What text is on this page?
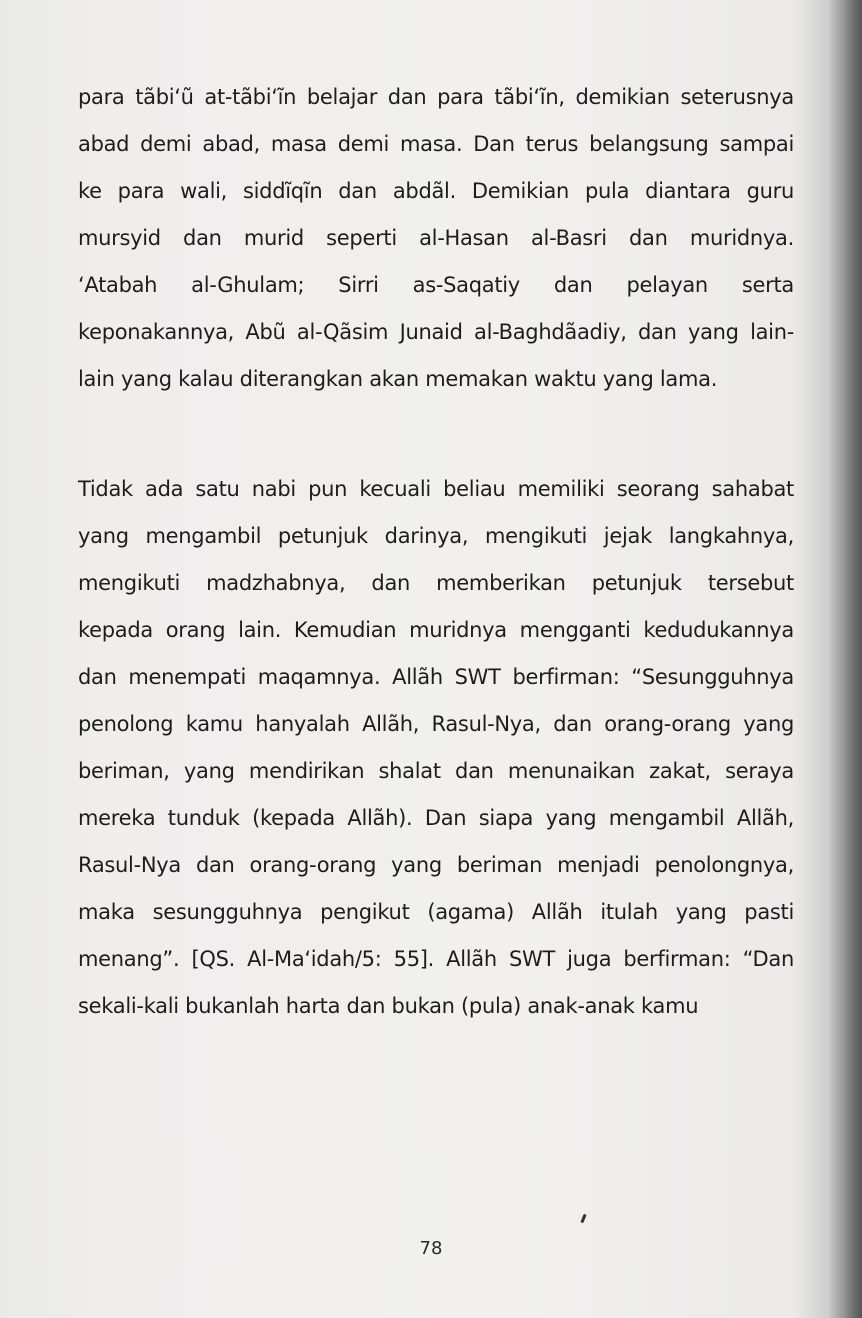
para tãbi‘ũ at-tãbi‘ĩn belajar dan para tãbi‘ĩn, demikian seterusnya
abad demi abad, masa demi masa. Dan terus belangsung sampai
ke para wali, siddĩqĩn dan abdãl. Demikian pula diantara guru
mursyid dan murid seperti al-Hasan al-Basri dan muridnya.
‘Atabah al-Ghulam; Sirri as-Saqatiy dan pelayan serta
keponakannya, Abũ al-Qãsim Junaid al-Baghdãadiy, dan yang lain-
lain yang kalau diterangkan akan memakan waktu yang lama.
Tidak ada satu nabi pun kecuali beliau memiliki seorang sahabat
yang mengambil petunjuk darinya, mengikuti jejak langkahnya,
mengikuti madzhabnya, dan memberikan petunjuk tersebut
kepada orang lain. Kemudian muridnya mengganti kedudukannya
dan menempati maqamnya. Allãh SWT berfirman: “Sesungguhnya
penolong kamu hanyalah Allãh, Rasul-Nya, dan orang-orang yang
beriman, yang mendirikan shalat dan menunaikan zakat, seraya
mereka tunduk (kepada Allãh). Dan siapa yang mengambil Allãh,
Rasul-Nya dan orang-orang yang beriman menjadi penolongnya,
maka sesungguhnya pengikut (agama) Allãh itulah yang pasti
menang”. [QS. Al-Ma‘idah/5: 55]. Allãh SWT juga berfirman: “Dan
sekali-kali bukanlah harta dan bukan (pula) anak-anak kamu
78
